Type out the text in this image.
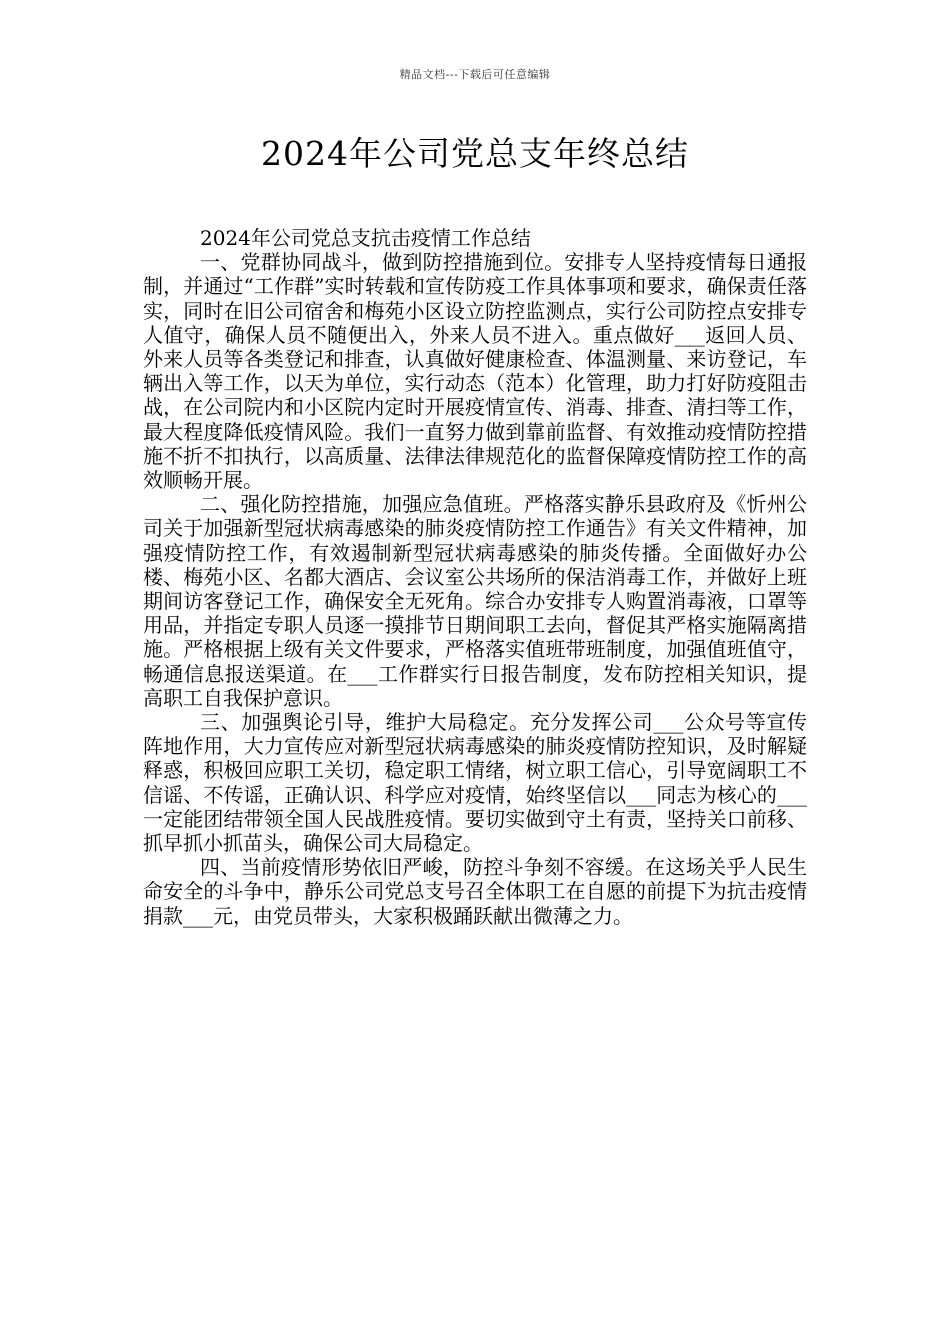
精品文档---下载后可任意编辑
2024年公司党总支年终总结

2024年公司党总支抗击疫情工作总结

一、党群协同战斗，做到防控措施到位。安排专人坚持疫情每日通报制，并通过“工作群”实时转载和宣传防疫工作具体事项和要求，确保责任落实，同时在旧公司宿舍和梅苑小区设立防控监测点，实行公司防控点安排专人值守，确保人员不随便出入，外来人员不进入。重点做好___返回人员、外来人员等各类登记和排查，认真做好健康检查、体温测量、来访登记，车辆出入等工作，以天为单位，实行动态（范本）化管理，助力打好防疫阻击战，在公司院内和小区院内定时开展疫情宣传、消毒、排查、清扫等工作，最大程度降低疫情风险。我们一直努力做到靠前监督、有效推动疫情防控措施不折不扣执行，以高质量、法律法律规范化的监督保障疫情防控工作的高效顺畅开展。

二、强化防控措施，加强应急值班。严格落实静乐县政府及《忻州公司关于加强新型冠状病毒感染的肺炎疫情防控工作通告》有关文件精神，加强疫情防控工作，有效遏制新型冠状病毒感染的肺炎传播。全面做好办公楼、梅苑小区、名都大酒店、会议室公共场所的保洁消毒工作，并做好上班期间访客登记工作，确保安全无死角。综合办安排专人购置消毒液，口罩等用品，并指定专职人员逐一摸排节日期间职工去向，督促其严格实施隔离措施。严格根据上级有关文件要求，严格落实值班带班制度，加强值班值守，畅通信息报送渠道。在___工作群实行日报告制度，发布防控相关知识，提高职工自我保护意识。

三、加强舆论引导，维护大局稳定。充分发挥公司___公众号等宣传阵地作用，大力宣传应对新型冠状病毒感染的肺炎疫情防控知识，及时解疑释惑，积极回应职工关切，稳定职工情绪，树立职工信心，引导宽阔职工不信谣、不传谣，正确认识、科学应对疫情，始终坚信以___同志为核心的___一定能团结带领全国人民战胜疫情。要切实做到守土有责，坚持关口前移、抓早抓小抓苗头，确保公司大局稳定。

四、当前疫情形势依旧严峻，防控斗争刻不容缓。在这场关乎人民生命安全的斗争中，静乐公司党总支号召全体职工在自愿的前提下为抗击疫情捐款___元，由党员带头，大家积极踊跃献出微薄之力。
